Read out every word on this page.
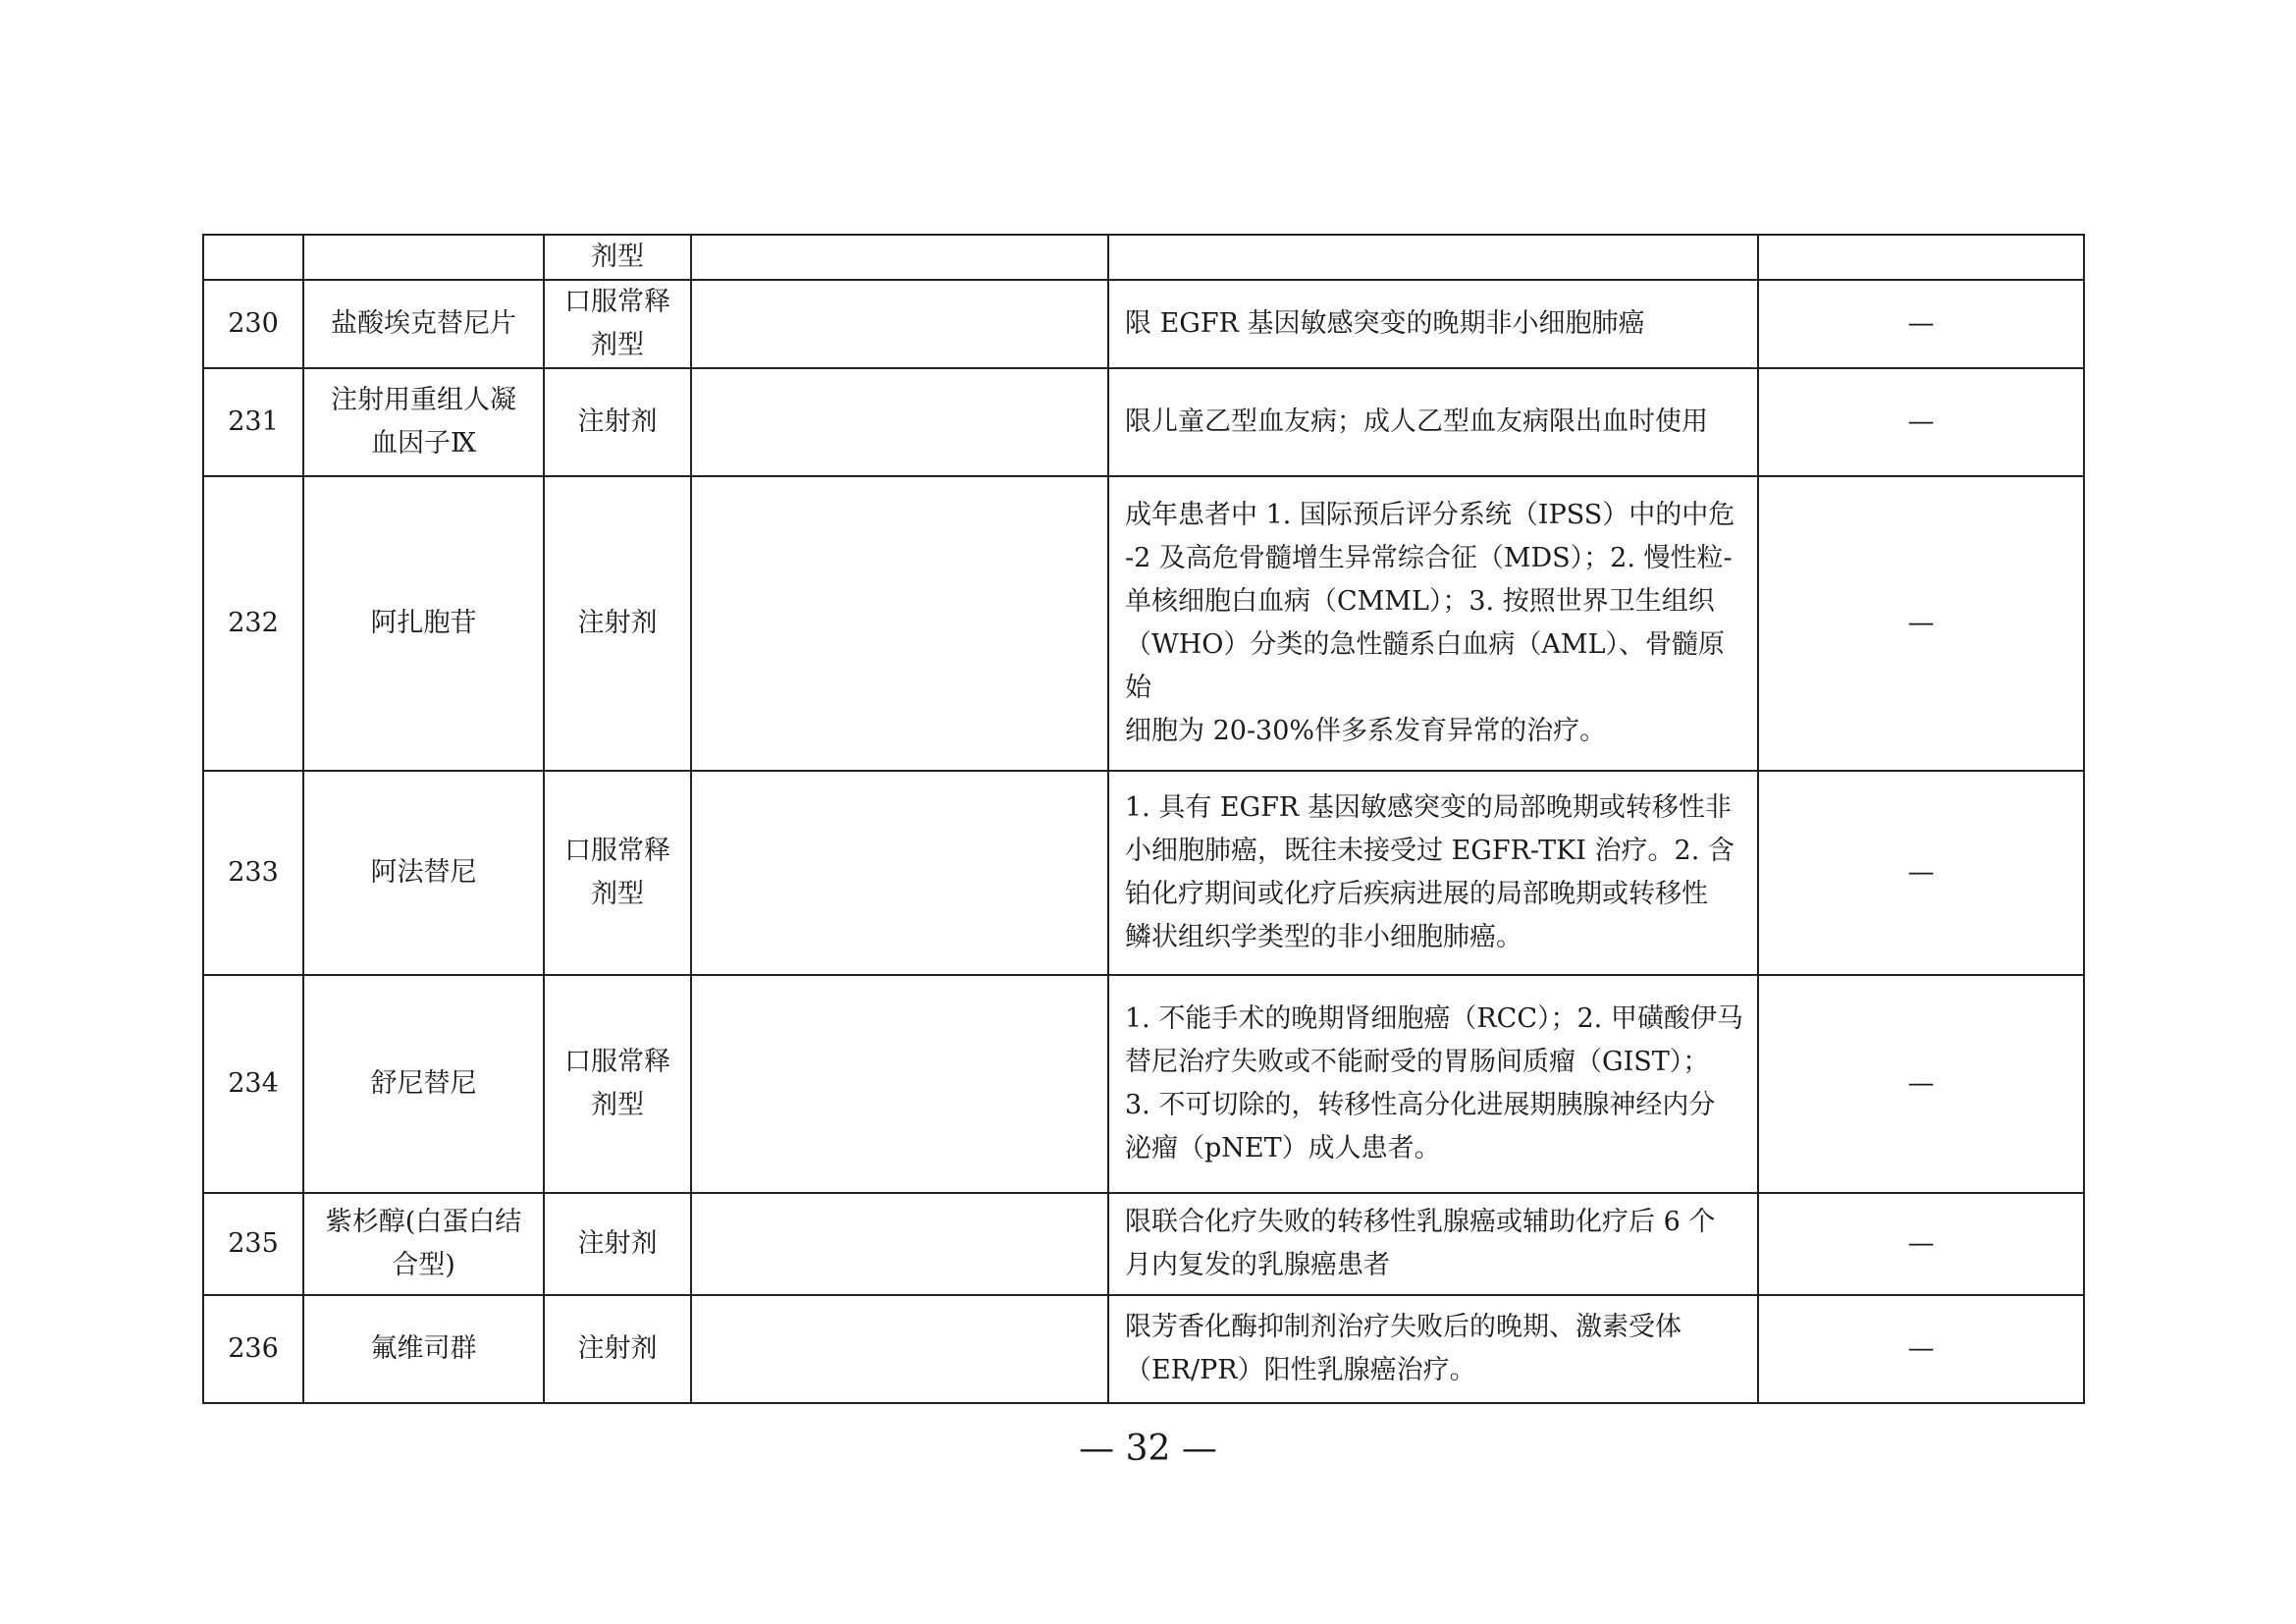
		剂型			

230	盐酸埃克替尼片	口服常释
剂型		限 EGFR 基因敏感突变的晚期非小细胞肺癌	—
231	注射用重组人凝
血因子Ⅸ	注射剂		限儿童乙型血友病；成人乙型血友病限出血时使用	—
232	阿扎胞苷	注射剂		成年患者中 1. 国际预后评分系统（IPSS）中的中危
-2 及高危骨髓增生异常综合征（MDS）；2. 慢性粒-
单核细胞白血病（CMML）；3. 按照世界卫生组织
（WHO）分类的急性髓系白血病（AML）、骨髓原始
细胞为 20-30%伴多系发育异常的治疗。	—
233	阿法替尼	口服常释
剂型		1. 具有 EGFR 基因敏感突变的局部晚期或转移性非
小细胞肺癌，既往未接受过 EGFR-TKI 治疗。2. 含
铂化疗期间或化疗后疾病进展的局部晚期或转移性
鳞状组织学类型的非小细胞肺癌。	—
234	舒尼替尼	口服常释
剂型		1. 不能手术的晚期肾细胞癌（RCC）；2. 甲磺酸伊马
替尼治疗失败或不能耐受的胃肠间质瘤（GIST）；
3. 不可切除的，转移性高分化进展期胰腺神经内分
泌瘤（pNET）成人患者。	—
235	紫杉醇(白蛋白结
合型)	注射剂		限联合化疗失败的转移性乳腺癌或辅助化疗后 6 个
月内复发的乳腺癌患者	—
236	氟维司群	注射剂		限芳香化酶抑制剂治疗失败后的晚期、激素受体
（ER/PR）阳性乳腺癌治疗。	—
— 32 —
